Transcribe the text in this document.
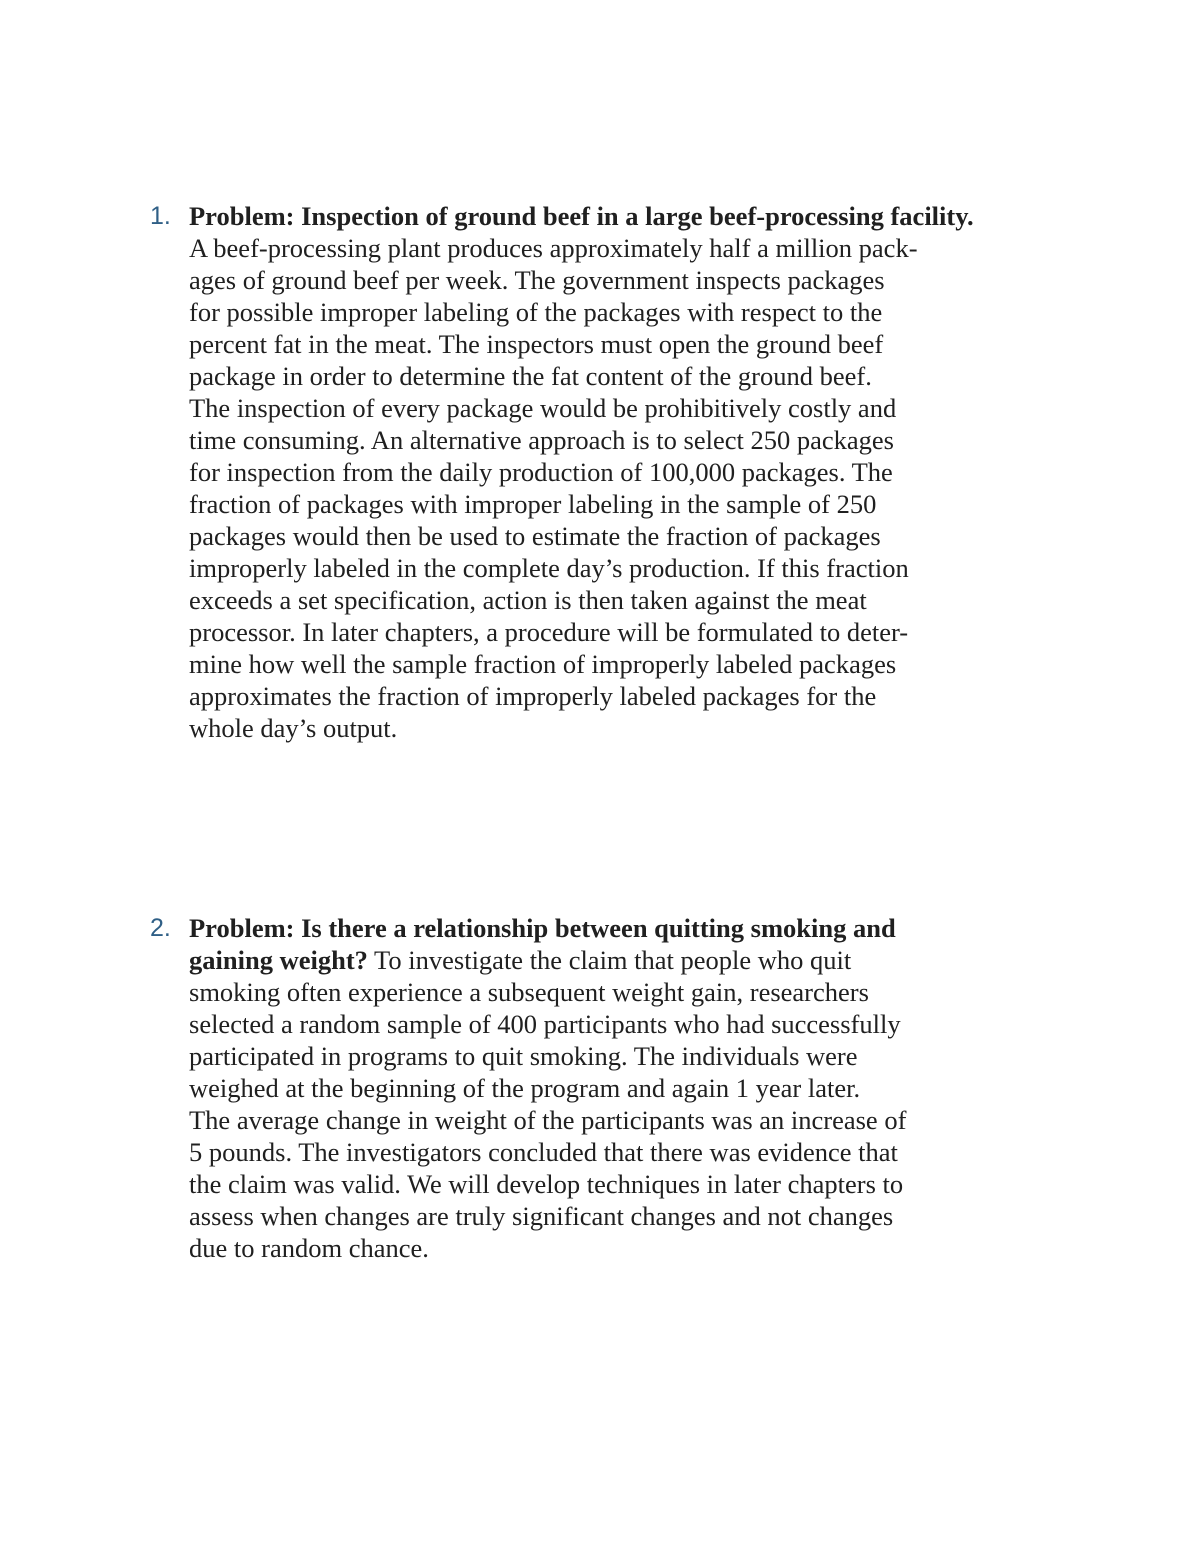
1. Problem: Inspection of ground beef in a large beef-processing facility.
A beef-processing plant produces approximately half a million pack-
ages of ground beef per week. The government inspects packages
for possible improper labeling of the packages with respect to the
percent fat in the meat. The inspectors must open the ground beef
package in order to determine the fat content of the ground beef.
The inspection of every package would be prohibitively costly and
time consuming. An alternative approach is to select 250 packages
for inspection from the daily production of 100,000 packages. The
fraction of packages with improper labeling in the sample of 250
packages would then be used to estimate the fraction of packages
improperly labeled in the complete day’s production. If this fraction
exceeds a set specification, action is then taken against the meat
processor. In later chapters, a procedure will be formulated to deter-
mine how well the sample fraction of improperly labeled packages
approximates the fraction of improperly labeled packages for the
whole day’s output.
2. Problem: Is there a relationship between quitting smoking and
gaining weight? To investigate the claim that people who quit
smoking often experience a subsequent weight gain, researchers
selected a random sample of 400 participants who had successfully
participated in programs to quit smoking. The individuals were
weighed at the beginning of the program and again 1 year later.
The average change in weight of the participants was an increase of
5 pounds. The investigators concluded that there was evidence that
the claim was valid. We will develop techniques in later chapters to
assess when changes are truly significant changes and not changes
due to random chance.
